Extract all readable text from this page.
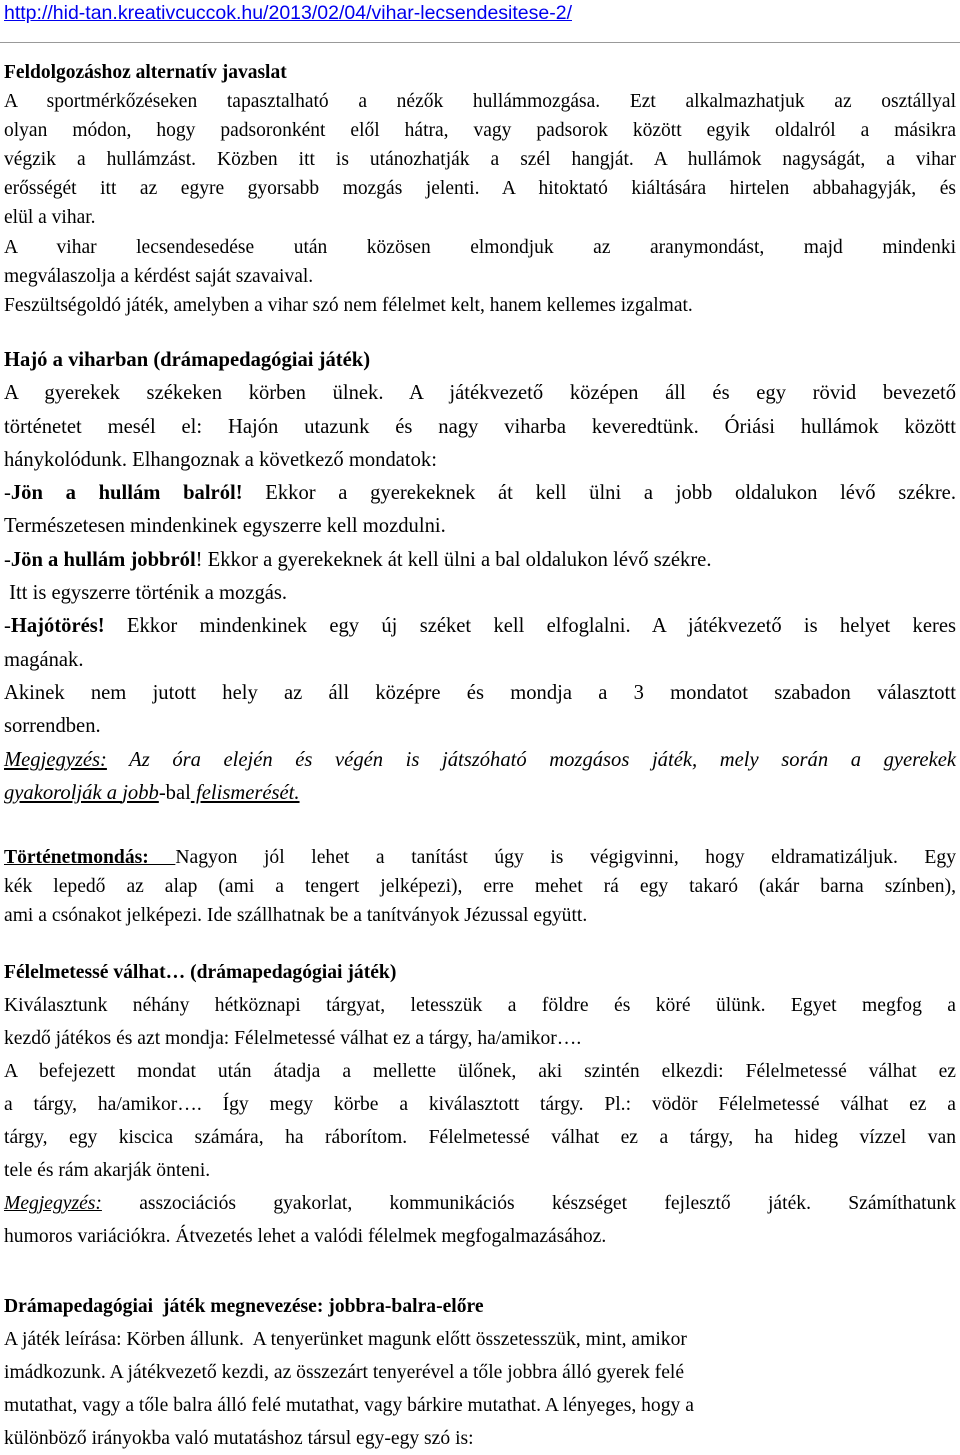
http://hid-tan.kreativcuccok.hu/2013/02/04/vihar-lecsendesitese-2/

Feldolgozáshoz alternatív javaslat

A sportmérkőzéseken tapasztalható a nézők hullámmozgása. Ezt alkalmazhatjuk az osztállyal

olyan módon, hogy padsoronként elől hátra, vagy padsorok között egyik oldalról a másikra

végzik a hullámzást. Közben itt is utánozhatják a szél hangját. A hullámok nagyságát, a vihar

erősségét itt az egyre gyorsabb mozgás jelenti. A hitoktató kiáltására hirtelen abbahagyják, és

elül a vihar.

A vihar lecsendesedése után közösen elmondjuk az aranymondást, majd mindenki

megválaszolja a kérdést saját szavaival.

Feszültségoldó játék, amelyben a vihar szó nem félelmet kelt, hanem kellemes izgalmat.

Hajó a viharban (drámapedagógiai játék)

A gyerekek székeken körben ülnek. A játékvezető középen áll és egy rövid bevezető

történetet mesél el: Hajón utazunk és nagy viharba keveredtünk. Óriási hullámok között

hánykolódunk. Elhangoznak a következő mondatok:

-Jön a hullám balról! Ekkor a gyerekeknek át kell ülni a jobb oldalukon lévő székre.

Természetesen mindenkinek egyszerre kell mozdulni.

-Jön a hullám jobbról! Ekkor a gyerekeknek át kell ülni a bal oldalukon lévő székre.

Itt is egyszerre történik a mozgás.

-Hajótörés! Ekkor mindenkinek egy új széket kell elfoglalni. A játékvezető is helyet keres

magának.

Akinek nem jutott hely az áll középre és mondja a 3 mondatot szabadon választott

sorrendben.

Megjegyzés: Az óra elején és végén is játszóható mozgásos játék, mely során a gyerekek

gyakorolják a jobb-bal felismerését.

Történetmondás: Nagyon jól lehet a tanítást úgy is végigvinni, hogy eldramatizáljuk. Egy

kék lepedő az alap (ami a tengert jelképezi), erre mehet rá egy takaró (akár barna színben),

ami a csónakot jelképezi. Ide szállhatnak be a tanítványok Jézussal együtt.

Félelmetessé válhat… (drámapedagógiai játék)

Kiválasztunk néhány hétköznapi tárgyat, letesszük a földre és köré ülünk. Egyet megfog a

kezdő játékos és azt mondja: Félelmetessé válhat ez a tárgy, ha/amikor….

A befejezett mondat után átadja a mellette ülőnek, aki szintén elkezdi: Félelmetessé válhat ez

a tárgy, ha/amikor…. Így megy körbe a kiválasztott tárgy. Pl.: vödör Félelmetessé válhat ez a

tárgy, egy kiscica számára, ha ráborítom. Félelmetessé válhat ez a tárgy, ha hideg vízzel van

tele és rám akarják önteni.

Megjegyzés: asszociációs gyakorlat, kommunikációs készséget fejlesztő játék. Számíthatunk

humoros variációkra. Átvezetés lehet a valódi félelmek megfogalmazásához.

Drámapedagógiai  játék megnevezése: jobbra-balra-előre

A játék leírása: Körben állunk.  A tenyerünket magunk előtt összetesszük, mint, amikor

imádkozunk. A játékvezető kezdi, az összezárt tenyerével a tőle jobbra álló gyerek felé

mutathat, vagy a tőle balra álló felé mutathat, vagy bárkire mutathat. A lényeges, hogy a

különböző irányokba való mutatáshoz társul egy-egy szó is:
